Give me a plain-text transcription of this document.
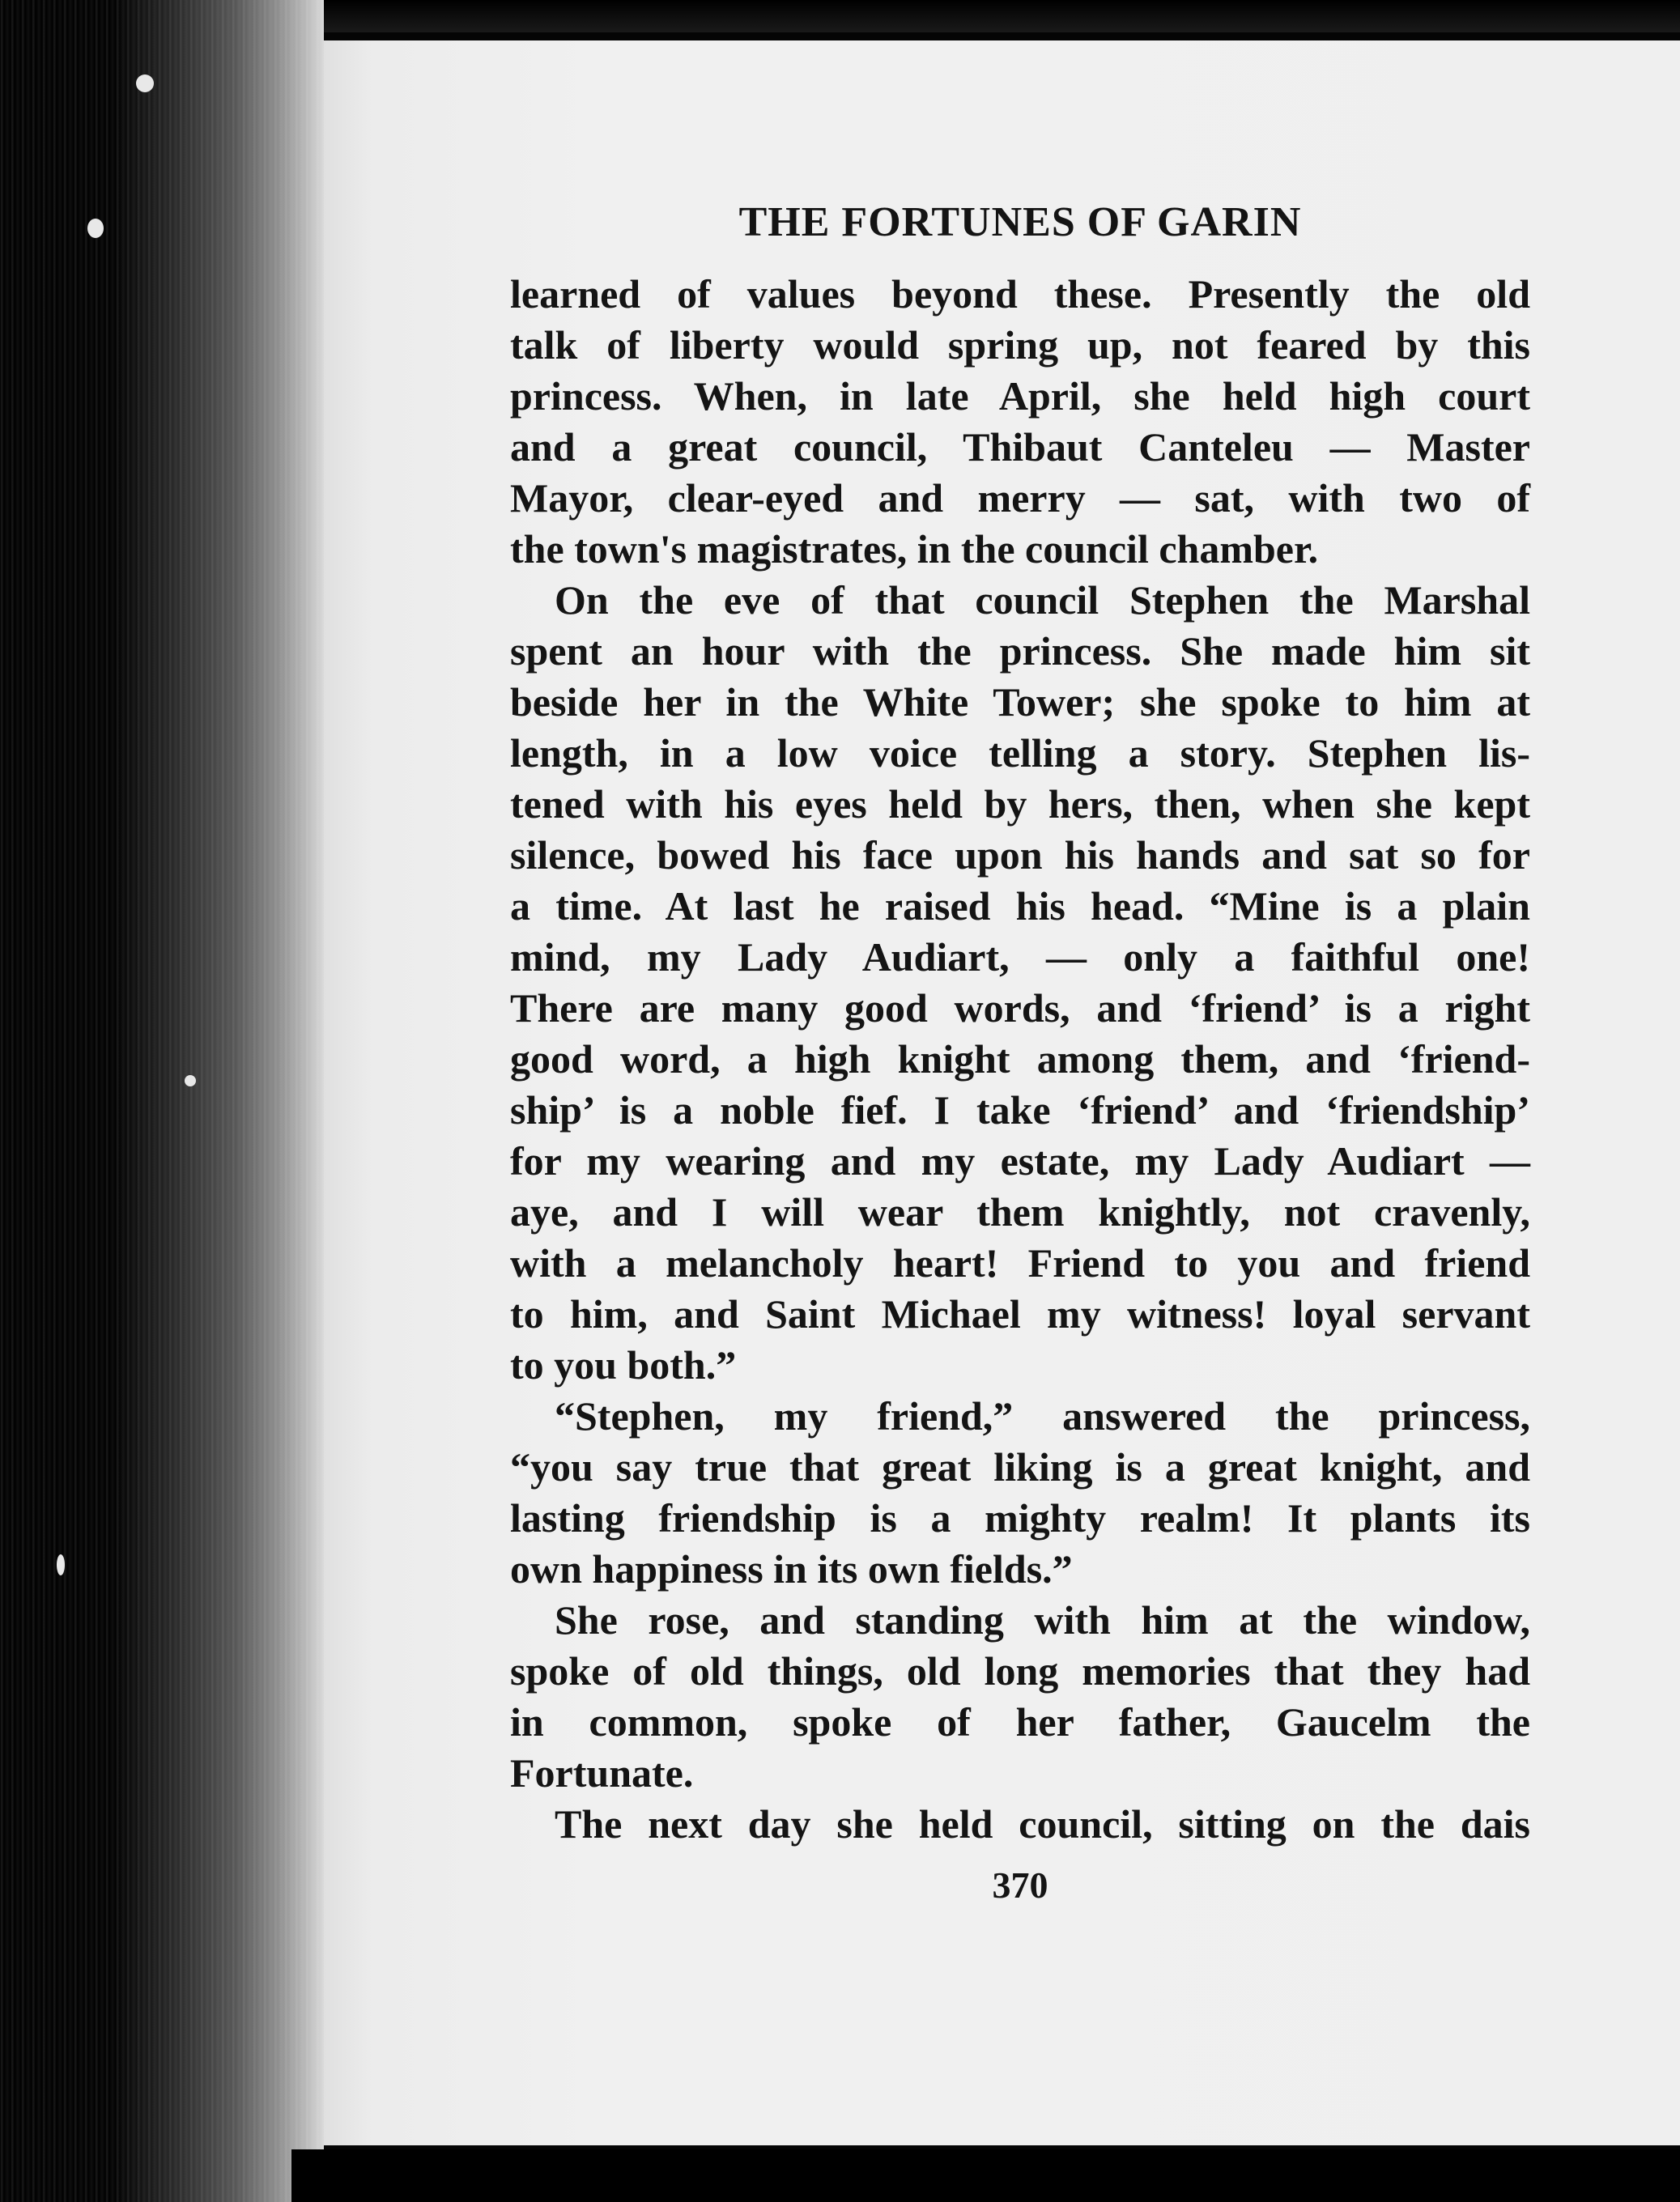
THE FORTUNES OF GARIN
learned of values beyond these. Presently the old
talk of liberty would spring up, not feared by this
princess. When, in late April, she held high court
and a great council, Thibaut Canteleu — Master
Mayor, clear-eyed and merry — sat, with two of
the town's magistrates, in the council chamber.
On the eve of that council Stephen the Marshal
spent an hour with the princess. She made him sit
beside her in the White Tower; she spoke to him at
length, in a low voice telling a story. Stephen lis-
tened with his eyes held by hers, then, when she kept
silence, bowed his face upon his hands and sat so for
a time. At last he raised his head. “Mine is a plain
mind, my Lady Audiart, — only a faithful one!
There are many good words, and ‘friend’ is a right
good word, a high knight among them, and ‘friend-
ship’ is a noble fief. I take ‘friend’ and ‘friendship’
for my wearing and my estate, my Lady Audiart —
aye, and I will wear them knightly, not cravenly,
with a melancholy heart! Friend to you and friend
to him, and Saint Michael my witness! loyal servant
to you both.”
“Stephen, my friend,” answered the princess,
“you say true that great liking is a great knight, and
lasting friendship is a mighty realm! It plants its
own happiness in its own fields.”
She rose, and standing with him at the window,
spoke of old things, old long memories that they had
in common, spoke of her father, Gaucelm the
Fortunate.
The next day she held council, sitting on the dais
370
